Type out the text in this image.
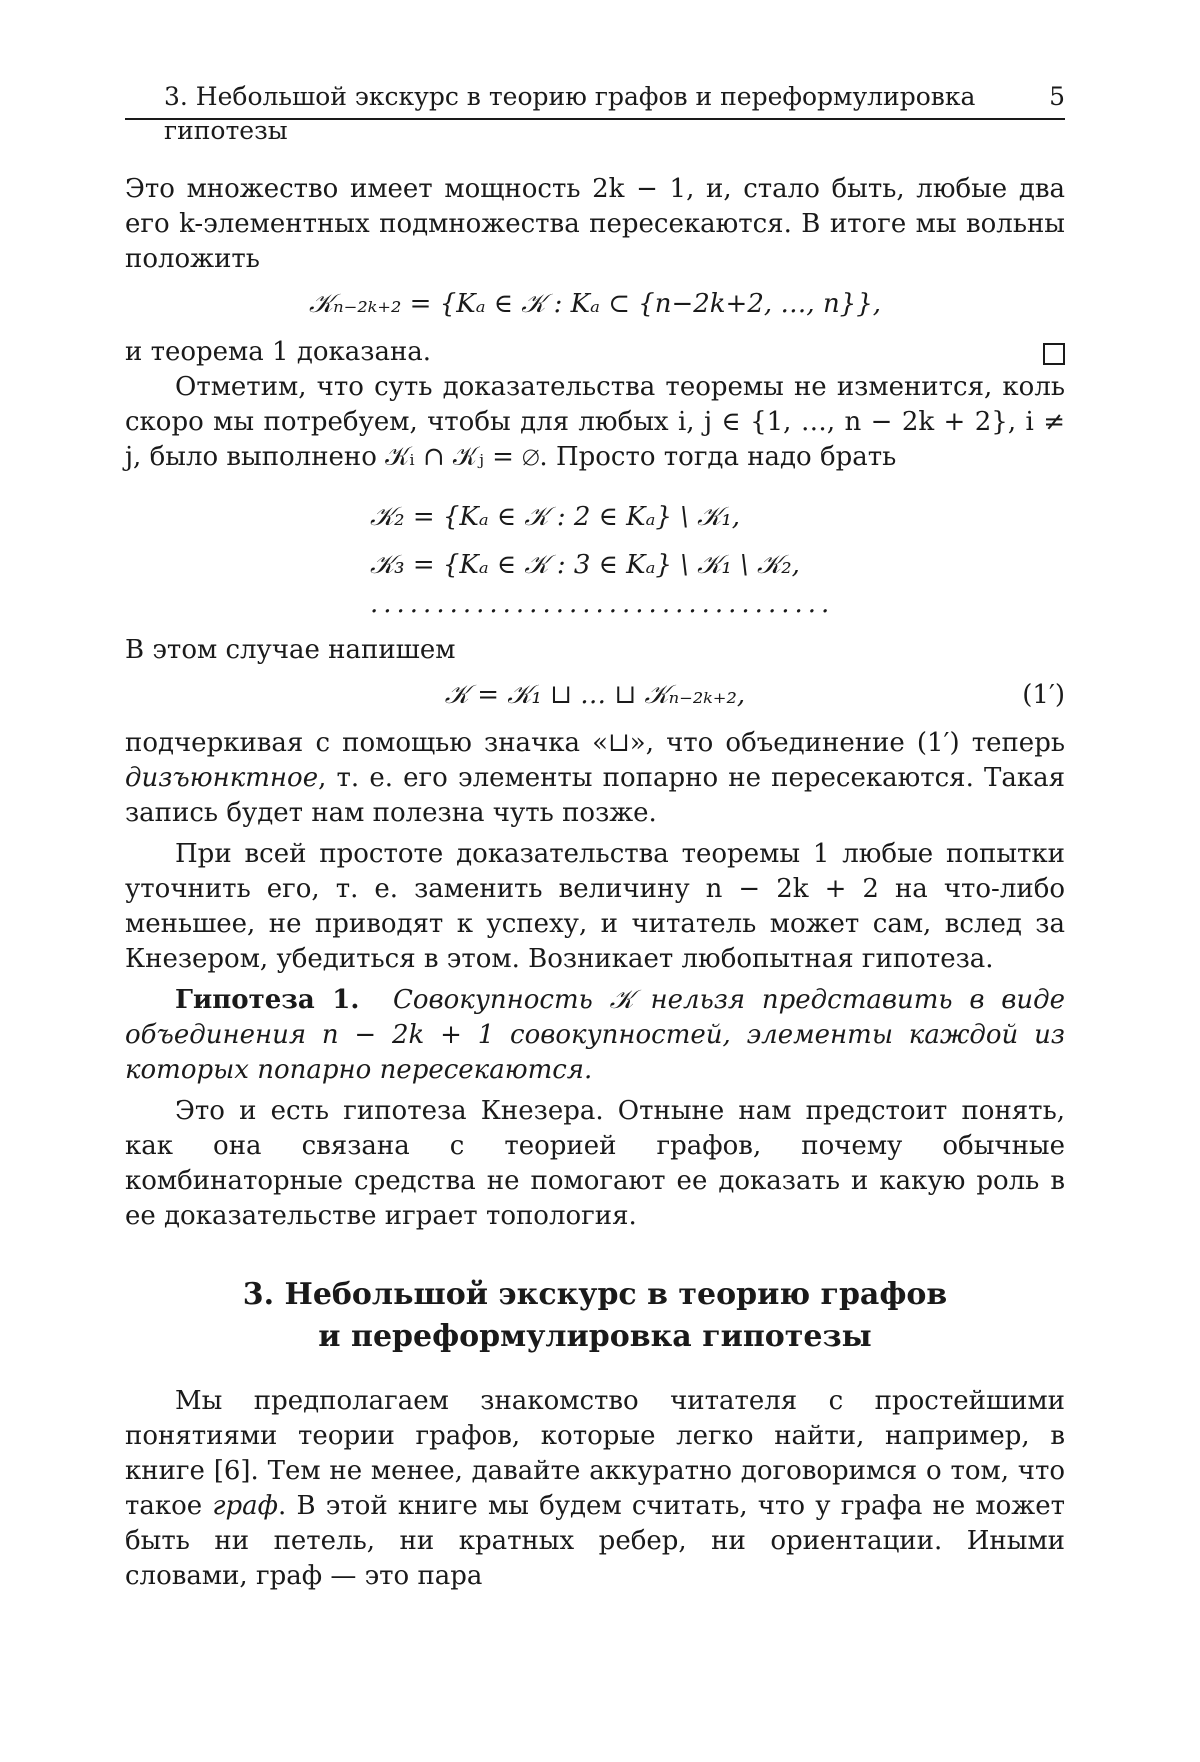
3. Небольшой экскурс в теорию графов и переформулировка гипотезы
5

Это множество имеет мощность 2k − 1, и, стало быть, любые два его k-элементных подмножества пересекаются. В итоге мы вольны положить

𝒦ₙ₋₂ₖ₊₂ = {Kₐ ∈ 𝒦 : Kₐ ⊂ {n−2k+2, …, n}},

и теорема 1 доказана.

Отметим, что суть доказательства теоремы не изменится, коль скоро мы потребуем, чтобы для любых i, j ∈ {1, …, n − 2k + 2}, i ≠ j, было выполнено 𝒦ᵢ ∩ 𝒦ⱼ = ∅. Просто тогда надо брать

𝒦₂ = {Kₐ ∈ 𝒦 : 2 ∈ Kₐ} \ 𝒦₁,
𝒦₃ = {Kₐ ∈ 𝒦 : 3 ∈ Kₐ} \ 𝒦₁ \ 𝒦₂,
...................................

В этом случае напишем

𝒦 = 𝒦₁ ⊔ … ⊔ 𝒦ₙ₋₂ₖ₊₂,	(1′)

подчеркивая с помощью значка «⊔», что объединение (1′) теперь дизъюнктное, т. е. его элементы попарно не пересекаются. Такая запись будет нам полезна чуть позже.

При всей простоте доказательства теоремы 1 любые попытки уточнить его, т. е. заменить величину n − 2k + 2 на что-либо меньшее, не приводят к успеху, и читатель может сам, вслед за Кнезером, убедиться в этом. Возникает любопытная гипотеза.

Гипотеза 1. Совокупность 𝒦 нельзя представить в виде объединения n − 2k + 1 совокупностей, элементы каждой из которых попарно пересекаются.

Это и есть гипотеза Кнезера. Отныне нам предстоит понять, как она связана с теорией графов, почему обычные комбинаторные средства не помогают ее доказать и какую роль в ее доказательстве играет топология.

3. Небольшой экскурс в теорию графов
и переформулировка гипотезы

Мы предполагаем знакомство читателя с простейшими понятиями теории графов, которые легко найти, например, в книге [6]. Тем не менее, давайте аккуратно договоримся о том, что такое граф. В этой книге мы будем считать, что у графа не может быть ни петель, ни кратных ребер, ни ориентации. Иными словами, граф — это пара
